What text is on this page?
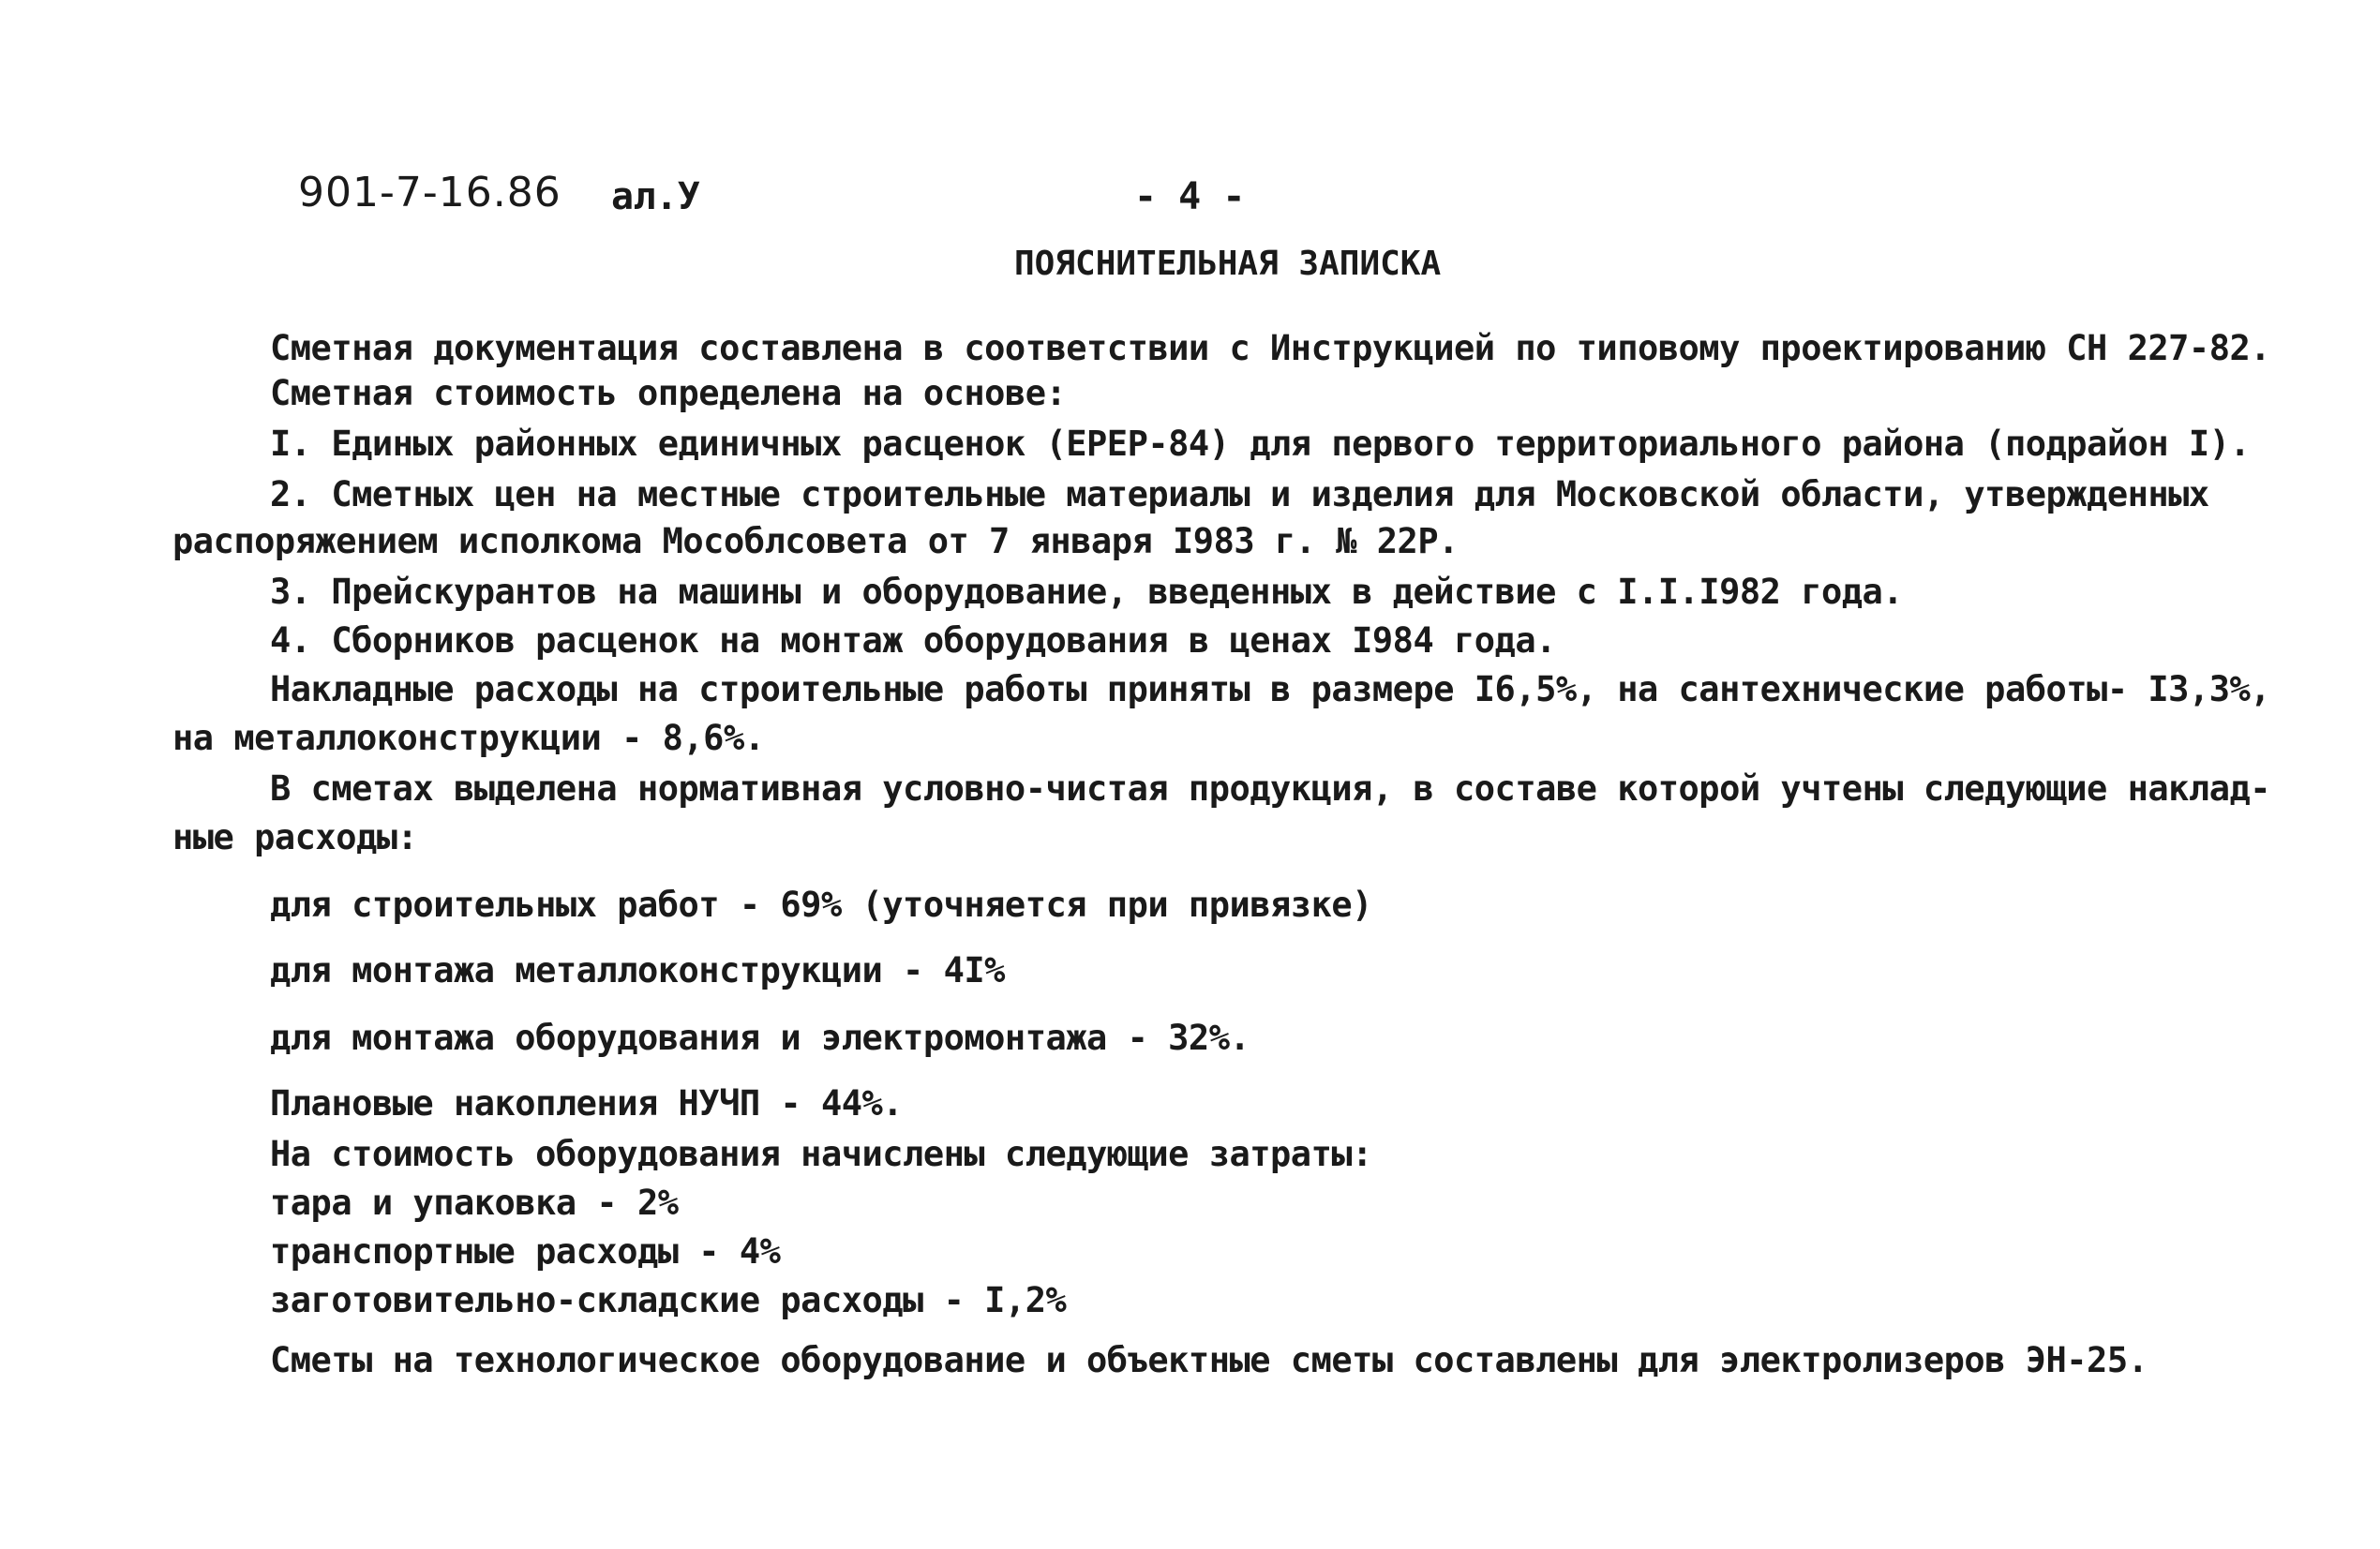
901-7-16.86 ал.У	- 4 -
ПОЯСНИТЕЛЬНАЯ ЗАПИСКА
Сметная документация составлена в соответствии с Инструкцией по типовому проектированию СН 227-82.
Сметная стоимость определена на основе:
I. Единых районных единичных расценок (ЕРЕР-84) для первого территориального района (подрайон I).
2. Сметных цен на местные строительные материалы и изделия для Московской области, утвержденных
распоряжением исполкома Мособлсовета от 7 января I983 г. № 22Р.
3. Прейскурантов на машины и оборудование, введенных в действие с I.I.I982 года.
4. Сборников расценок на монтаж оборудования в ценах I984 года.
Накладные расходы на строительные работы приняты в размере I6,5%, на сантехнические работы- I3,3%,
на металлоконструкции - 8,6%.
В сметах выделена нормативная условно-чистая продукция, в составе которой учтены следующие наклад-
ные расходы:
для строительных работ - 69% (уточняется при привязке)
для монтажа металлоконструкции - 4I%
для монтажа оборудования и электромонтажа - 32%.
Плановые накопления НУЧП - 44%.
На стоимость оборудования начислены следующие затраты:
тара и упаковка - 2%
транспортные расходы - 4%
заготовительно-складские расходы - I,2%
Сметы на технологическое оборудование и объектные сметы составлены для электролизеров ЭН-25.
